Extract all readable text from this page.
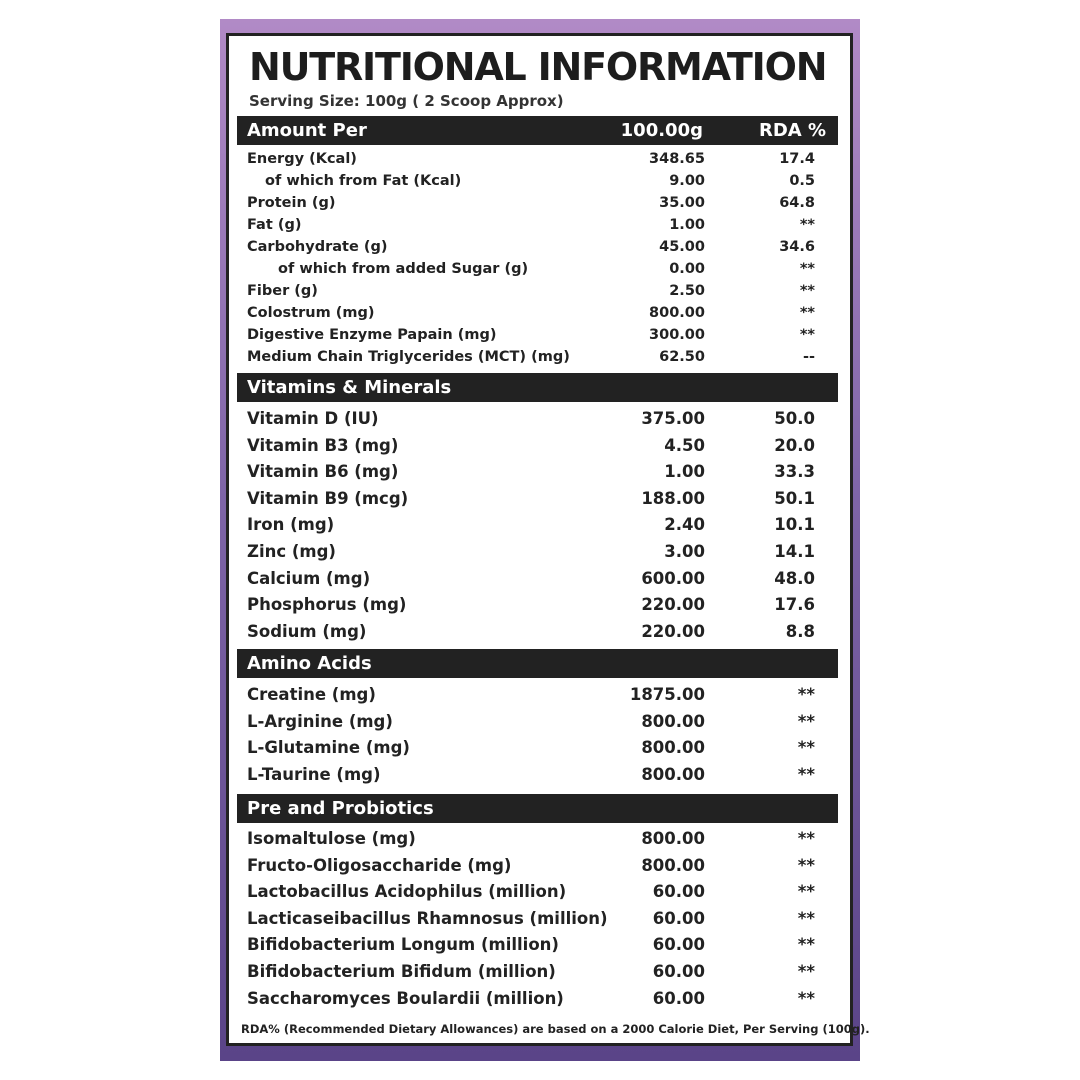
NUTRITIONAL INFORMATION
Serving Size: 100g ( 2 Scoop Approx)
Amount Per	100.00g	RDA %
Energy (Kcal)	348.65	17.4
of which from Fat (Kcal)	9.00	0.5
Protein (g)	35.00	64.8
Fat (g)	1.00	**
Carbohydrate (g)	45.00	34.6
of which from added Sugar (g)	0.00	**
Fiber (g)	2.50	**
Colostrum (mg)	800.00	**
Digestive Enzyme Papain (mg)	300.00	**
Medium Chain Triglycerides (MCT) (mg)	62.50	--
Vitamins & Minerals
Vitamin D (IU)	375.00	50.0
Vitamin B3 (mg)	4.50	20.0
Vitamin B6 (mg)	1.00	33.3
Vitamin B9 (mcg)	188.00	50.1
Iron (mg)	2.40	10.1
Zinc (mg)	3.00	14.1
Calcium (mg)	600.00	48.0
Phosphorus (mg)	220.00	17.6
Sodium (mg)	220.00	8.8
Amino Acids
Creatine (mg)	1875.00	**
L-Arginine (mg)	800.00	**
L-Glutamine (mg)	800.00	**
L-Taurine (mg)	800.00	**
Pre and Probiotics
Isomaltulose (mg)	800.00	**
Fructo-Oligosaccharide (mg)	800.00	**
Lactobacillus Acidophilus (million)	60.00	**
Lacticaseibacillus Rhamnosus (million)	60.00	**
Bifidobacterium Longum (million)	60.00	**
Bifidobacterium Bifidum (million)	60.00	**
Saccharomyces Boulardii (million)	60.00	**
RDA% (Recommended Dietary Allowances) are based on a 2000 Calorie Diet, Per Serving (100g).
